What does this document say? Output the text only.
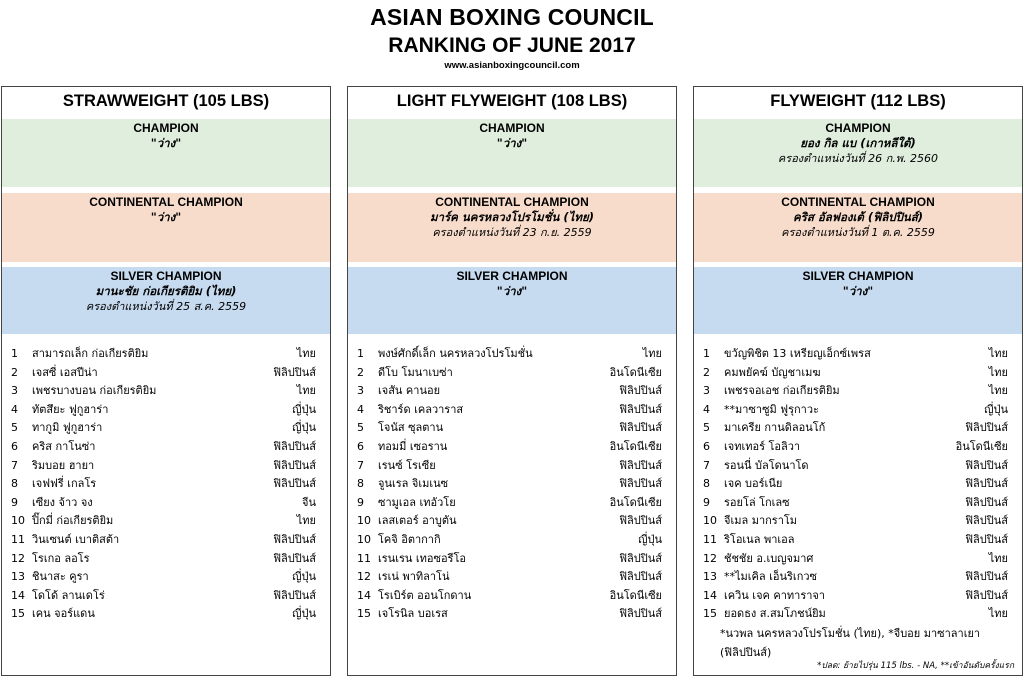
ASIAN BOXING COUNCIL
RANKING OF JUNE 2017
www.asianboxingcouncil.com
STRAWWEIGHT (105 LBS)
CHAMPION
"ว่าง"
CONTINENTAL CHAMPION
"ว่าง"
SILVER CHAMPION
มานะชัย ก่อเกียรติยิม (ไทย)
ครองตำแหน่งวันที่ 25 ส.ค. 2559
1	สามารถเล็ก ก่อเกียรติยิม	ไทย
2	เจสซี่ เอสปีน่า	ฟิลิปปินส์
3	เพชรบางบอน ก่อเกียรติยิม	ไทย
4	ทัตสึยะ ฟูกูฮาร่า	ญี่ปุ่น
5	ทากูมิ ฟูกูฮาร่า	ญี่ปุ่น
6	คริส กาโนซ่า	ฟิลิปปินส์
7	ริมบอย ฮายา	ฟิลิปปินส์
8	เจฟฟรี่ เกลโร	ฟิลิปปินส์
9	เซียง จ้าว จง	จีน
10 ปิ๊กมี่ ก่อเกียรติยิม	ไทย
11 วินเซนต์ เบาติสต้า	ฟิลิปปินส์
12 โรเกอ ลอโร	ฟิลิปปินส์
13 ชินาสะ คูรา	ญี่ปุ่น
14 โดโด้ ลานเดโร่	ฟิลิปปินส์
15 เคน จอร์แดน	ญี่ปุ่น
LIGHT FLYWEIGHT (108 LBS)
CHAMPION
"ว่าง"
CONTINENTAL CHAMPION
มาร์ค นครหลวงโปรโมชั่น (ไทย)
ครองตำแหน่งวันที่ 23 ก.ย. 2559
SILVER CHAMPION
"ว่าง"
1	พงษ์ศักดิ์เล็ก นครหลวงโปรโมชั่น	ไทย
2	ดีโบ โมนาเบซ่า	อินโดนีเซีย
3	เจสัน คานอย	ฟิลิปปินส์
4	ริชาร์ด เคลวาราส	ฟิลิปปินส์
5	โจนัส ซุลตาน	ฟิลิปปินส์
6	ทอมมี่ เซอราน	อินโดนีเซีย
7	เรนซ์ โรเซีย	ฟิลิปปินส์
8	จูนเรล จิเมเนซ	ฟิลิปปินส์
9	ซามูเอล เทอัวโย	อินโดนีเซีย
10 เลสเตอร์ อาบูตัน	ฟิลิปปินส์
10 โคจิ อิตากากิ	ญี่ปุ่น
11 เรนเรน เทอซอรีโอ	ฟิลิปปินส์
12 เรเน่ พาทิลาโน่	ฟิลิปปินส์
14 โรเบิร์ต ออนโกดาน	อินโดนีเซีย
15 เจโรนิล บอเรส	ฟิลิปปินส์
FLYWEIGHT (112 LBS)
CHAMPION
ยอง กิล แบ (เกาหลีใต้)
ครองตำแหน่งวันที่ 26 ก.พ. 2560
CONTINENTAL CHAMPION
คริส อัลฟองเต้ (ฟิลิปปินส์)
ครองตำแหน่งวันที่ 1 ต.ค. 2559
SILVER CHAMPION
"ว่าง"
1	ขวัญพิชิต 13 เหรียญเอ็กซ์เพรส	ไทย
2	คมพยัคฆ์ บัญชาเมฆ	ไทย
3	เพชรจอเอช ก่อเกียรติยิม	ไทย
4	**มาซาซูมิ ฟูรุกาวะ	ญี่ปุ่น
5	มาเครีย กานดิลอนโก้	ฟิลิปปินส์
6	เจทเทอร์ โอลิวา	อินโดนีเซีย
7	รอนนี่ บัลโดนาโด	ฟิลิปปินส์
8	เจค บอร์เนีย	ฟิลิปปินส์
9	รอยโล่ โกเลซ	ฟิลิปปินส์
10 จีเมล มากราโม	ฟิลิปปินส์
11 ริโอเนล พาเอล	ฟิลิปปินส์
12 ชัชชัย อ.เบญจมาศ	ไทย
13 **ไมเคิล เอ็นริเกวซ	ฟิลิปปินส์
14 เควิน เจค คาทาราจา	ฟิลิปปินส์
15 ยอดธง ส.สมโภชน์ยิม	ไทย
*นวพล นครหลวงโปรโมชั่น (ไทย), *จีบอย มาซาลาเยา (ฟิลิปปินส์)
*ปลด: ย้ายไปรุ่น 115 lbs. - NA, **เข้าอันดับครั้งแรก
